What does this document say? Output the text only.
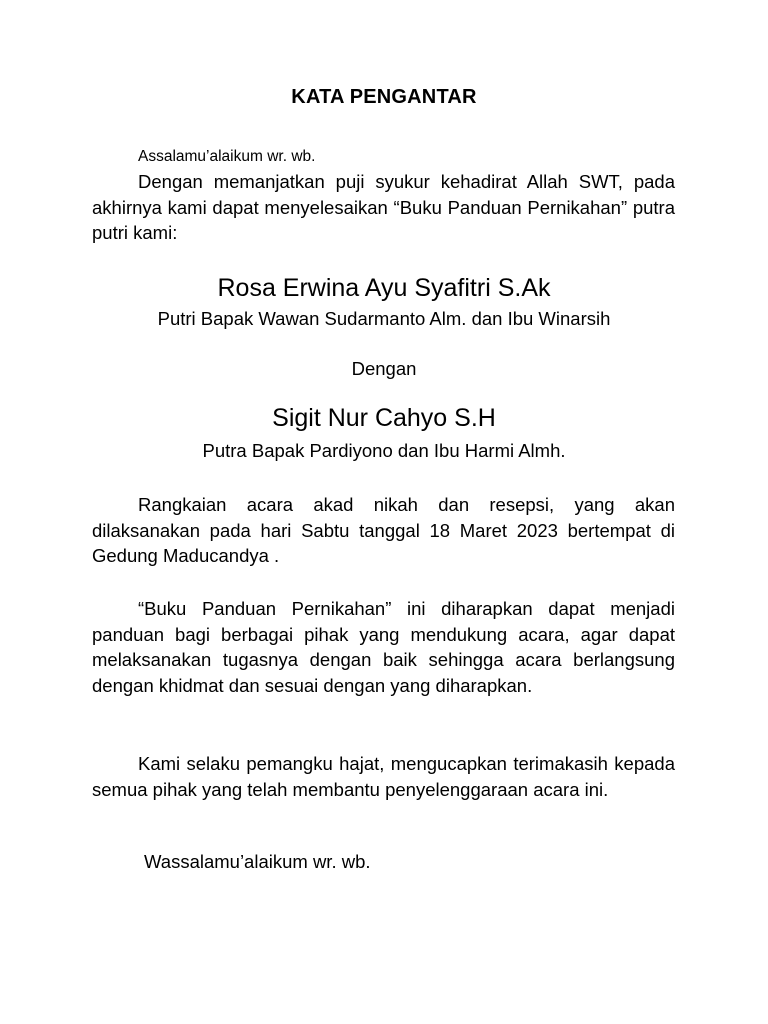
KATA PENGANTAR
Assalamu’alaikum wr. wb.
Dengan memanjatkan puji syukur kehadirat Allah SWT, pada akhirnya kami dapat menyelesaikan “Buku Panduan Pernikahan” putra putri kami:
Rosa Erwina Ayu Syafitri S.Ak
Putri Bapak Wawan Sudarmanto Alm. dan Ibu Winarsih
Dengan
Sigit Nur Cahyo S.H
Putra Bapak Pardiyono dan Ibu Harmi Almh.
Rangkaian acara akad nikah dan resepsi, yang akan dilaksanakan pada hari Sabtu tanggal 18 Maret 2023 bertempat di Gedung Maducandya .
“Buku Panduan Pernikahan” ini diharapkan dapat menjadi panduan bagi berbagai pihak yang mendukung acara, agar dapat melaksanakan tugasnya dengan baik sehingga acara berlangsung dengan khidmat dan sesuai dengan yang diharapkan.
Kami selaku pemangku hajat, mengucapkan terimakasih kepada semua pihak yang telah membantu penyelenggaraan acara ini.
Wassalamu’alaikum wr. wb.
